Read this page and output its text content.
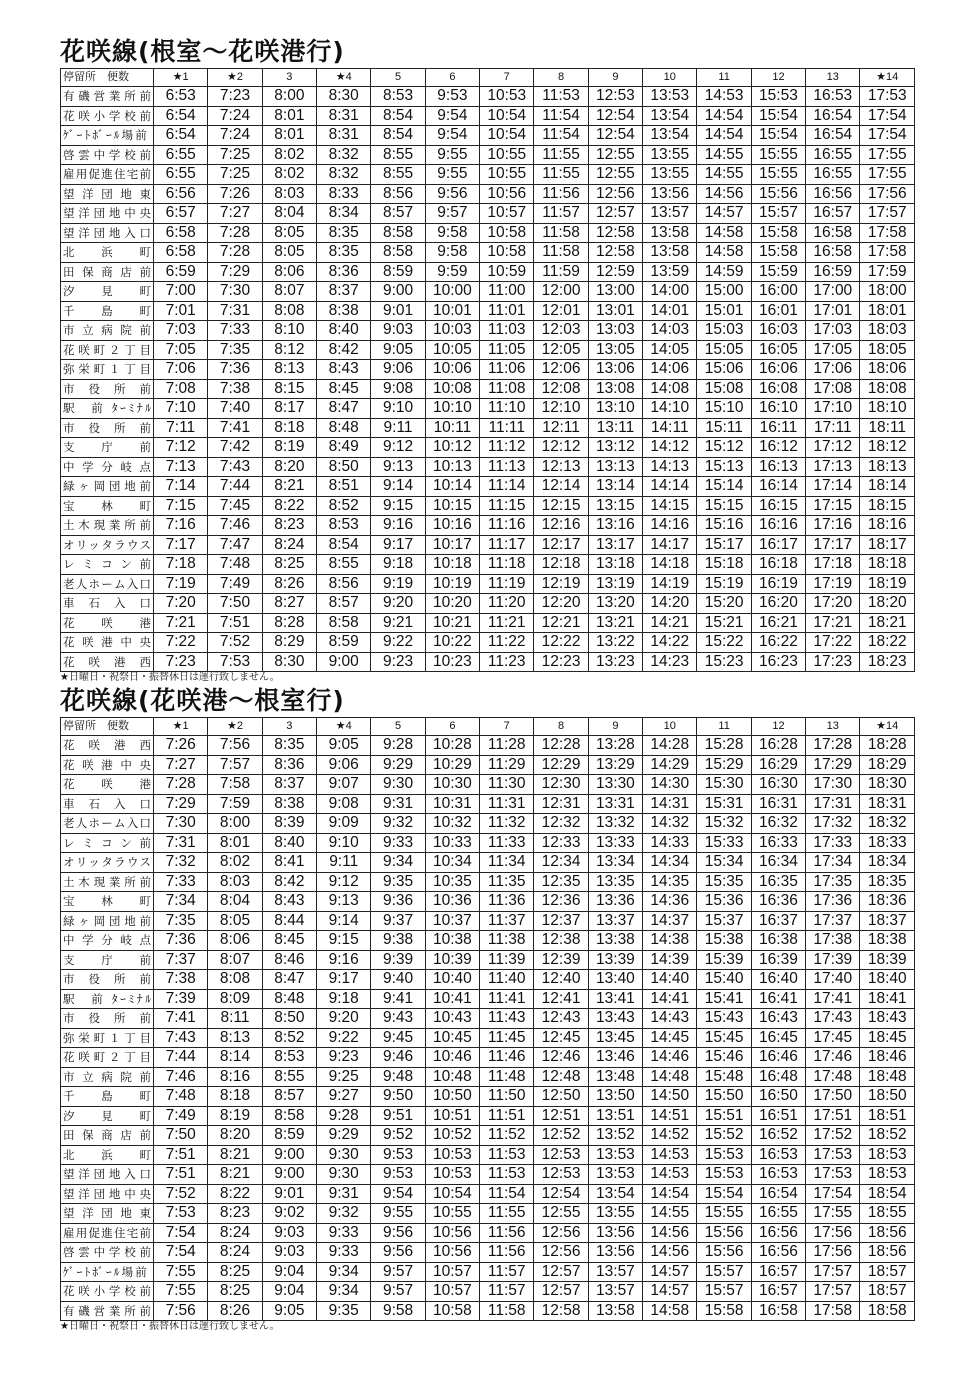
花咲線(根室～花咲港行)
停留所　便数	★1	★2	3	★4	5	6	7	8	9	10	11	12	13	★14
有磯営業所前	6:53	7:23	8:00	8:30	8:53	9:53	10:53	11:53	12:53	13:53	14:53	15:53	16:53	17:53
花咲小学校前	6:54	7:24	8:01	8:31	8:54	9:54	10:54	11:54	12:54	13:54	14:54	15:54	16:54	17:54
ｹﾞｰﾄﾎﾞｰﾙ場前	6:54	7:24	8:01	8:31	8:54	9:54	10:54	11:54	12:54	13:54	14:54	15:54	16:54	17:54
啓雲中学校前	6:55	7:25	8:02	8:32	8:55	9:55	10:55	11:55	12:55	13:55	14:55	15:55	16:55	17:55
雇用促進住宅前	6:55	7:25	8:02	8:32	8:55	9:55	10:55	11:55	12:55	13:55	14:55	15:55	16:55	17:55
望洋団地東	6:56	7:26	8:03	8:33	8:56	9:56	10:56	11:56	12:56	13:56	14:56	15:56	16:56	17:56
望洋団地中央	6:57	7:27	8:04	8:34	8:57	9:57	10:57	11:57	12:57	13:57	14:57	15:57	16:57	17:57
望洋団地入口	6:58	7:28	8:05	8:35	8:58	9:58	10:58	11:58	12:58	13:58	14:58	15:58	16:58	17:58
北　浜　町	6:58	7:28	8:05	8:35	8:58	9:58	10:58	11:58	12:58	13:58	14:58	15:58	16:58	17:58
田保商店前	6:59	7:29	8:06	8:36	8:59	9:59	10:59	11:59	12:59	13:59	14:59	15:59	16:59	17:59
汐　見　町	7:00	7:30	8:07	8:37	9:00	10:00	11:00	12:00	13:00	14:00	15:00	16:00	17:00	18:00
千　島　町	7:01	7:31	8:08	8:38	9:01	10:01	11:01	12:01	13:01	14:01	15:01	16:01	17:01	18:01
市立病院前	7:03	7:33	8:10	8:40	9:03	10:03	11:03	12:03	13:03	14:03	15:03	16:03	17:03	18:03
花咲町２丁目	7:05	7:35	8:12	8:42	9:05	10:05	11:05	12:05	13:05	14:05	15:05	16:05	17:05	18:05
弥栄町１丁目	7:06	7:36	8:13	8:43	9:06	10:06	11:06	12:06	13:06	14:06	15:06	16:06	17:06	18:06
市役所前	7:08	7:38	8:15	8:45	9:08	10:08	11:08	12:08	13:08	14:08	15:08	16:08	17:08	18:08
駅　前 ﾀｰﾐﾅﾙ	7:10	7:40	8:17	8:47	9:10	10:10	11:10	12:10	13:10	14:10	15:10	16:10	17:10	18:10
市役所前	7:11	7:41	8:18	8:48	9:11	10:11	11:11	12:11	13:11	14:11	15:11	16:11	17:11	18:11
支　庁　前	7:12	7:42	8:19	8:49	9:12	10:12	11:12	12:12	13:12	14:12	15:12	16:12	17:12	18:12
中学分岐点	7:13	7:43	8:20	8:50	9:13	10:13	11:13	12:13	13:13	14:13	15:13	16:13	17:13	18:13
緑ヶ岡団地前	7:14	7:44	8:21	8:51	9:14	10:14	11:14	12:14	13:14	14:14	15:14	16:14	17:14	18:14
宝　林　町	7:15	7:45	8:22	8:52	9:15	10:15	11:15	12:15	13:15	14:15	15:15	16:15	17:15	18:15
土木現業所前	7:16	7:46	8:23	8:53	9:16	10:16	11:16	12:16	13:16	14:16	15:16	16:16	17:16	18:16
オリッタラウス	7:17	7:47	8:24	8:54	9:17	10:17	11:17	12:17	13:17	14:17	15:17	16:17	17:17	18:17
レミコン前	7:18	7:48	8:25	8:55	9:18	10:18	11:18	12:18	13:18	14:18	15:18	16:18	17:18	18:18
老人ホーム入口	7:19	7:49	8:26	8:56	9:19	10:19	11:19	12:19	13:19	14:19	15:19	16:19	17:19	18:19
車石入口	7:20	7:50	8:27	8:57	9:20	10:20	11:20	12:20	13:20	14:20	15:20	16:20	17:20	18:20
花　咲　港	7:21	7:51	8:28	8:58	9:21	10:21	11:21	12:21	13:21	14:21	15:21	16:21	17:21	18:21
花咲港中央	7:22	7:52	8:29	8:59	9:22	10:22	11:22	12:22	13:22	14:22	15:22	16:22	17:22	18:22
花咲港西	7:23	7:53	8:30	9:00	9:23	10:23	11:23	12:23	13:23	14:23	15:23	16:23	17:23	18:23
★日曜日・祝祭日・振替休日は運行致しません。
花咲線(花咲港～根室行)
停留所　便数	★1	★2	3	★4	5	6	7	8	9	10	11	12	13	★14
花咲港西	7:26	7:56	8:35	9:05	9:28	10:28	11:28	12:28	13:28	14:28	15:28	16:28	17:28	18:28
花咲港中央	7:27	7:57	8:36	9:06	9:29	10:29	11:29	12:29	13:29	14:29	15:29	16:29	17:29	18:29
花　咲　港	7:28	7:58	8:37	9:07	9:30	10:30	11:30	12:30	13:30	14:30	15:30	16:30	17:30	18:30
車石入口	7:29	7:59	8:38	9:08	9:31	10:31	11:31	12:31	13:31	14:31	15:31	16:31	17:31	18:31
老人ホーム入口	7:30	8:00	8:39	9:09	9:32	10:32	11:32	12:32	13:32	14:32	15:32	16:32	17:32	18:32
レミコン前	7:31	8:01	8:40	9:10	9:33	10:33	11:33	12:33	13:33	14:33	15:33	16:33	17:33	18:33
オリッタラウス	7:32	8:02	8:41	9:11	9:34	10:34	11:34	12:34	13:34	14:34	15:34	16:34	17:34	18:34
土木現業所前	7:33	8:03	8:42	9:12	9:35	10:35	11:35	12:35	13:35	14:35	15:35	16:35	17:35	18:35
宝　林　町	7:34	8:04	8:43	9:13	9:36	10:36	11:36	12:36	13:36	14:36	15:36	16:36	17:36	18:36
緑ヶ岡団地前	7:35	8:05	8:44	9:14	9:37	10:37	11:37	12:37	13:37	14:37	15:37	16:37	17:37	18:37
中学分岐点	7:36	8:06	8:45	9:15	9:38	10:38	11:38	12:38	13:38	14:38	15:38	16:38	17:38	18:38
支　庁　前	7:37	8:07	8:46	9:16	9:39	10:39	11:39	12:39	13:39	14:39	15:39	16:39	17:39	18:39
市役所前	7:38	8:08	8:47	9:17	9:40	10:40	11:40	12:40	13:40	14:40	15:40	16:40	17:40	18:40
駅　前 ﾀｰﾐﾅﾙ	7:39	8:09	8:48	9:18	9:41	10:41	11:41	12:41	13:41	14:41	15:41	16:41	17:41	18:41
市役所前	7:41	8:11	8:50	9:20	9:43	10:43	11:43	12:43	13:43	14:43	15:43	16:43	17:43	18:43
弥栄町１丁目	7:43	8:13	8:52	9:22	9:45	10:45	11:45	12:45	13:45	14:45	15:45	16:45	17:45	18:45
花咲町２丁目	7:44	8:14	8:53	9:23	9:46	10:46	11:46	12:46	13:46	14:46	15:46	16:46	17:46	18:46
市立病院前	7:46	8:16	8:55	9:25	9:48	10:48	11:48	12:48	13:48	14:48	15:48	16:48	17:48	18:48
千　島　町	7:48	8:18	8:57	9:27	9:50	10:50	11:50	12:50	13:50	14:50	15:50	16:50	17:50	18:50
汐　見　町	7:49	8:19	8:58	9:28	9:51	10:51	11:51	12:51	13:51	14:51	15:51	16:51	17:51	18:51
田保商店前	7:50	8:20	8:59	9:29	9:52	10:52	11:52	12:52	13:52	14:52	15:52	16:52	17:52	18:52
北　浜　町	7:51	8:21	9:00	9:30	9:53	10:53	11:53	12:53	13:53	14:53	15:53	16:53	17:53	18:53
望洋団地入口	7:51	8:21	9:00	9:30	9:53	10:53	11:53	12:53	13:53	14:53	15:53	16:53	17:53	18:53
望洋団地中央	7:52	8:22	9:01	9:31	9:54	10:54	11:54	12:54	13:54	14:54	15:54	16:54	17:54	18:54
望洋団地東	7:53	8:23	9:02	9:32	9:55	10:55	11:55	12:55	13:55	14:55	15:55	16:55	17:55	18:55
雇用促進住宅前	7:54	8:24	9:03	9:33	9:56	10:56	11:56	12:56	13:56	14:56	15:56	16:56	17:56	18:56
啓雲中学校前	7:54	8:24	9:03	9:33	9:56	10:56	11:56	12:56	13:56	14:56	15:56	16:56	17:56	18:56
ｹﾞｰﾄﾎﾞｰﾙ場前	7:55	8:25	9:04	9:34	9:57	10:57	11:57	12:57	13:57	14:57	15:57	16:57	17:57	18:57
花咲小学校前	7:55	8:25	9:04	9:34	9:57	10:57	11:57	12:57	13:57	14:57	15:57	16:57	17:57	18:57
有磯営業所前	7:56	8:26	9:05	9:35	9:58	10:58	11:58	12:58	13:58	14:58	15:58	16:58	17:58	18:58
★日曜日・祝祭日・振替休日は運行致しません。
